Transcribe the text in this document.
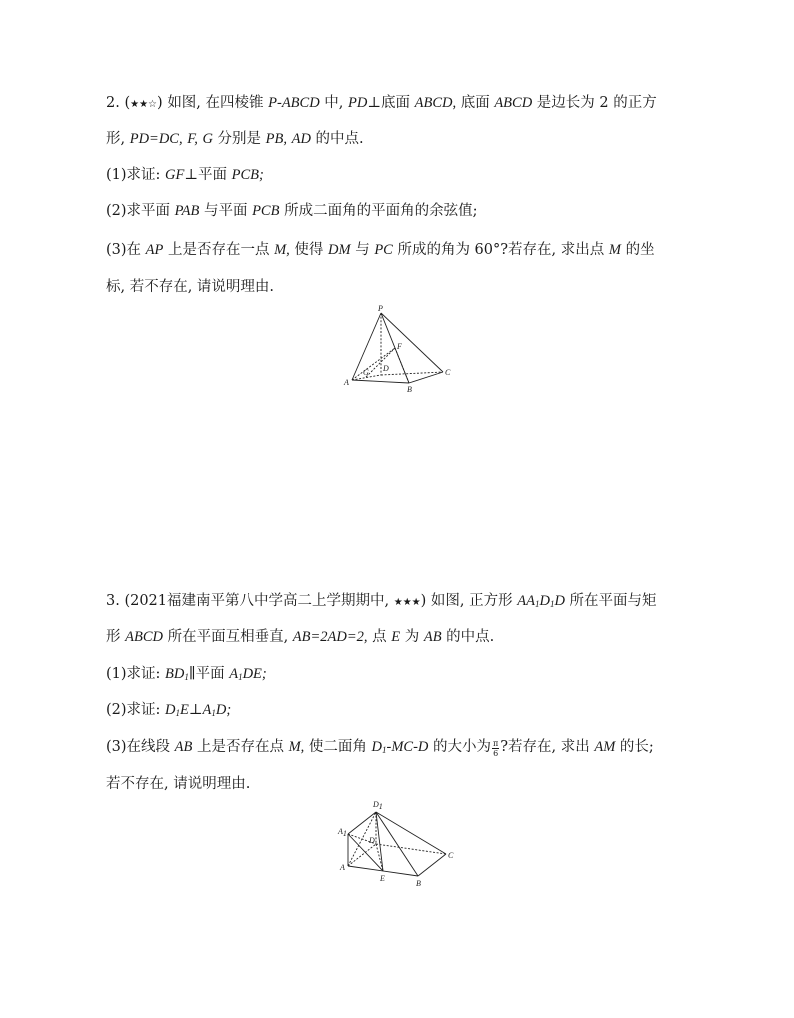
2. (★★☆) 如图, 在四棱锥 P-ABCD 中, PD⊥底面 ABCD, 底面 ABCD 是边长为 2 的正方
形, PD=DC, F, G 分别是 PB, AD 的中点.
(1)求证: GF⊥平面 PCB;
(2)求平面 PAB 与平面 PCB 所成二面角的平面角的余弦值;
(3)在 AP 上是否存在一点 M, 使得 DM 与 PC 所成的角为 60°?若存在, 求出点 M 的坐
标, 若不存在, 请说明理由.
P
F
G D
A
B
C
3. (2021福建南平第八中学高二上学期期中, ★★★) 如图, 正方形 $AA_1D_1D$ 所在平面与矩
形 ABCD 所在平面互相垂直, AB=2AD=2, 点 E 为 AB 的中点.
(1)求证: $BD_1\parallel$平面 $A_1DE$;
(2)求证: $D_1E\perp A_1D$;
(3)在线段 AB 上是否存在点 M, 使二面角 $D_1-MC-D$ 的大小为 $\frac{\pi}{6}$ ?若存在, 求出 AM 的长;
若不存在, 请说明理由.
D1
A1
D
A
E
B
C
